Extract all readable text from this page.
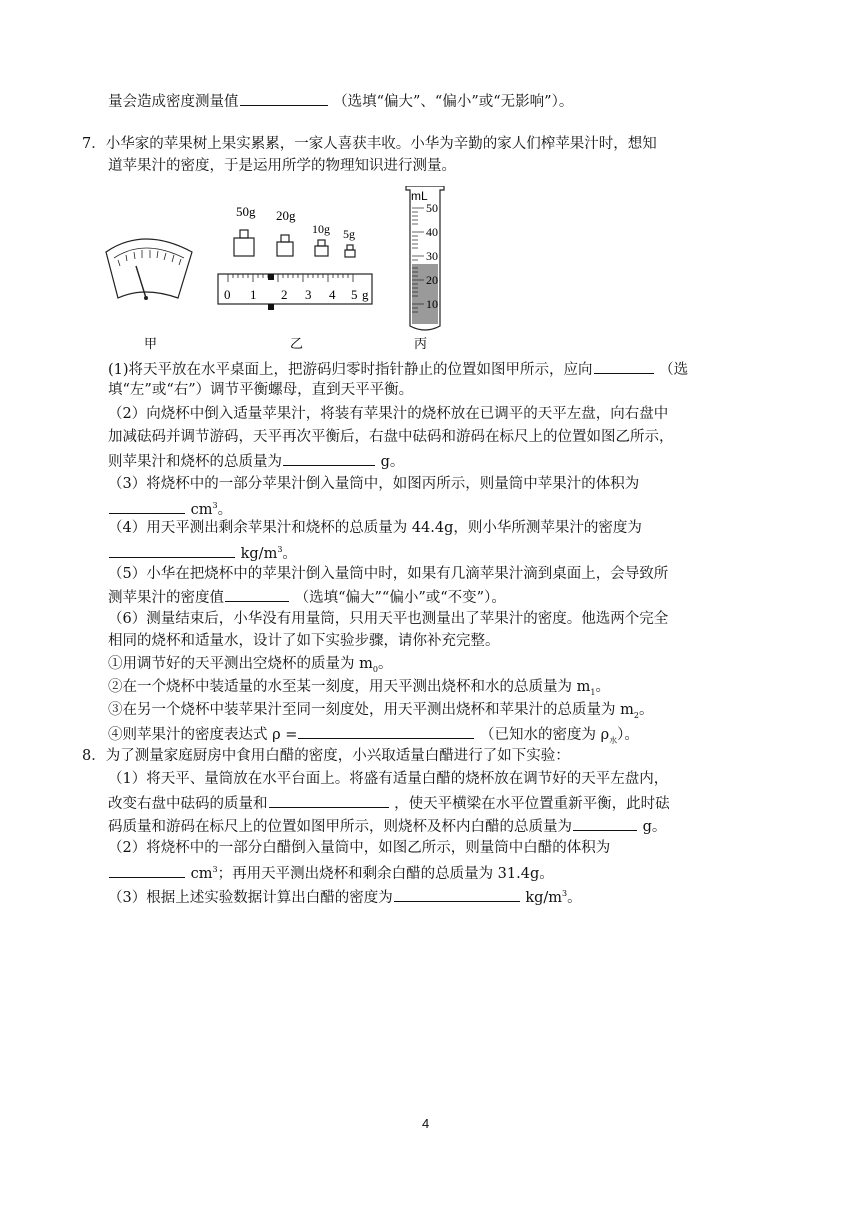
量会造成密度测量值	（选填“偏大”、“偏小”或“无影响”）。
7．小华家的苹果树上果实累累，一家人喜获丰收。小华为辛勤的家人们榨苹果汁时，想知
道苹果汁的密度，于是运用所学的物理知识进行测量。
50g 20g
10g 5g
0 1 2 3 4 5 g
mL
50
40
30
20
10
甲	乙	丙
(1)将天平放在水平桌面上，把游码归零时指针静止的位置如图甲所示，应向	（选
填“左”或“右”）调节平衡螺母，直到天平平衡。
（2）向烧杯中倒入适量苹果汁，将装有苹果汁的烧杯放在已调平的天平左盘，向右盘中
加减砝码并调节游码，天平再次平衡后，右盘中砝码和游码在标尺上的位置如图乙所示，
则苹果汁和烧杯的总质量为	g。
（3）将烧杯中的一部分苹果汁倒入量筒中，如图丙所示，则量筒中苹果汁的体积为
$cm^3$。
（4）用天平测出剩余苹果汁和烧杯的总质量为 44.4g，则小华所测苹果汁的密度为
$kg/m^3$。
（5）小华在把烧杯中的苹果汁倒入量筒中时，如果有几滴苹果汁滴到桌面上，会导致所
测苹果汁的密度值	（选填“偏大”“偏小”或“不变”）。
（6）测量结束后，小华没有用量筒，只用天平也测量出了苹果汁的密度。他选两个完全
相同的烧杯和适量水，设计了如下实验步骤，请你补充完整。
①用调节好的天平测出空烧杯的质量为 $m_0$。
②在一个烧杯中装适量的水至某一刻度，用天平测出烧杯和水的总质量为 $m_1$。
③在另一个烧杯中装苹果汁至同一刻度处，用天平测出烧杯和苹果汁的总质量为 $m_2$。
④则苹果汁的密度表达式 ρ =	（已知水的密度为 $\rho_水$）。
8．为了测量家庭厨房中食用白醋的密度，小兴取适量白醋进行了如下实验：
（1）将天平、量筒放在水平台面上。将盛有适量白醋的烧杯放在调节好的天平左盘内，
改变右盘中砝码的质量和	，使天平横梁在水平位置重新平衡，此时砝
码质量和游码在标尺上的位置如图甲所示，则烧杯及杯内白醋的总质量为	g。
（2）将烧杯中的一部分白醋倒入量筒中，如图乙所示，则量筒中白醋的体积为
$cm^3$；再用天平测出烧杯和剩余白醋的总质量为 31.4g。
（3）根据上述实验数据计算出白醋的密度为	$kg/m^3$。
4
